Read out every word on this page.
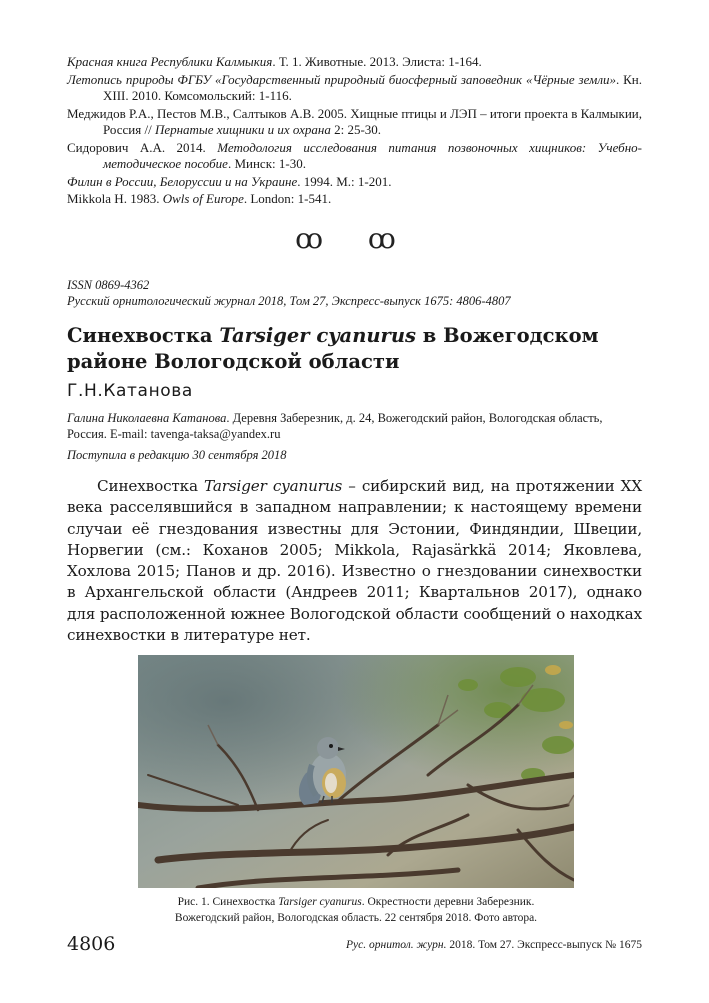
Красная книга Республики Калмыкия. Т. 1. Животные. 2013. Элиста: 1-164.

Летопись природы ФГБУ «Государственный природный биосферный заповедник «Чёрные земли». Кн. XIII. 2010. Комсомольский: 1-116.

Меджидов Р.А., Пестов М.В., Салтыков А.В. 2005. Хищные птицы и ЛЭП – итоги проекта в Калмыкии, Россия // Пернатые хищники и их охрана 2: 25-30.

Сидорович А.А. 2014. Методология исследования питания позвоночных хищников: Учебно-методическое пособие. Минск: 1-30.

Филин в России, Белоруссии и на Украине. 1994. М.: 1-201.

Mikkola H. 1983. Owls of Europe. London: 1-541.

ꝏ ꝏ
ISSN 0869-4362
Русский орнитологический журнал 2018, Том 27, Экспресс-выпуск 1675: 4806-4807
Синехвостка Tarsiger cyanurus в Вожегодском районе Вологодской области
Г.Н.Катанова
Галина Николаевна Катанова. Деревня Заберезник, д. 24, Вожегодский район, Вологодская область, Россия. E-mail: tavenga-taksa@yandex.ru
Поступила в редакцию 30 сентября 2018
Синехвостка Tarsiger cyanurus – сибирский вид, на протяжении XX века расселявшийся в западном направлении; к настоящему времени случаи её гнездования известны для Эстонии, Финдяндии, Швеции, Норвегии (см.: Коханов 2005; Mikkola, Rajasärkkä 2014; Яковлева, Хохлова 2015; Панов и др. 2016). Известно о гнездовании синехвостки в Архангельской области (Андреев 2011; Квартальнов 2017), однако для расположенной южнее Вологодской области сообщений о находках синехвостки в литературе нет.
Рис. 1. Синехвостка Tarsiger cyanurus. Окрестности деревни Заберезник.
Вожегодский район, Вологодская область. 22 сентября 2018. Фото автора.
4806	Рус. орнитол. журн. 2018. Том 27. Экспресс-выпуск № 1675
